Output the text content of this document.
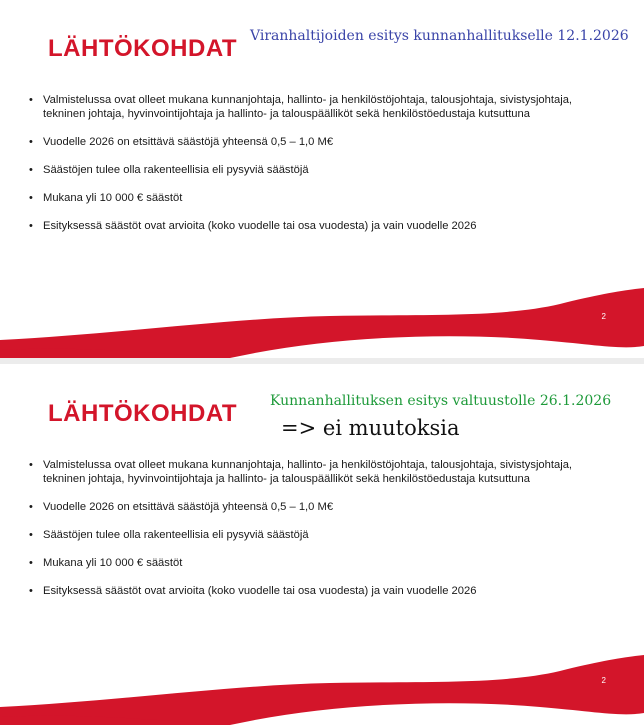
LÄHTÖKOHDAT Viranhaltijoiden esitys kunnanhallitukselle 12.1.2026
• Valmistelussa ovat olleet mukana kunnanjohtaja, hallinto- ja henkilöstöjohtaja, talousjohtaja, sivistysjohtaja, tekninen johtaja, hyvinvointijohtaja ja hallinto- ja talouspäälliköt sekä henkilöstöedustaja kutsuttuna
• Vuodelle 2026 on etsittävä säästöjä yhteensä 0,5 – 1,0 M€
• Säästöjen tulee olla rakenteellisia eli pysyviä säästöjä
• Mukana yli 10 000 € säästöt
• Esityksessä säästöt ovat arvioita (koko vuodelle tai osa vuodesta) ja vain vuodelle 2026
2
LÄHTÖKOHDAT Kunnanhallituksen esitys valtuustolle 26.1.2026
=> ei muutoksia
• Valmistelussa ovat olleet mukana kunnanjohtaja, hallinto- ja henkilöstöjohtaja, talousjohtaja, sivistysjohtaja, tekninen johtaja, hyvinvointijohtaja ja hallinto- ja talouspäälliköt sekä henkilöstöedustaja kutsuttuna
• Vuodelle 2026 on etsittävä säästöjä yhteensä 0,5 – 1,0 M€
• Säästöjen tulee olla rakenteellisia eli pysyviä säästöjä
• Mukana yli 10 000 € säästöt
• Esityksessä säästöt ovat arvioita (koko vuodelle tai osa vuodesta) ja vain vuodelle 2026
2
